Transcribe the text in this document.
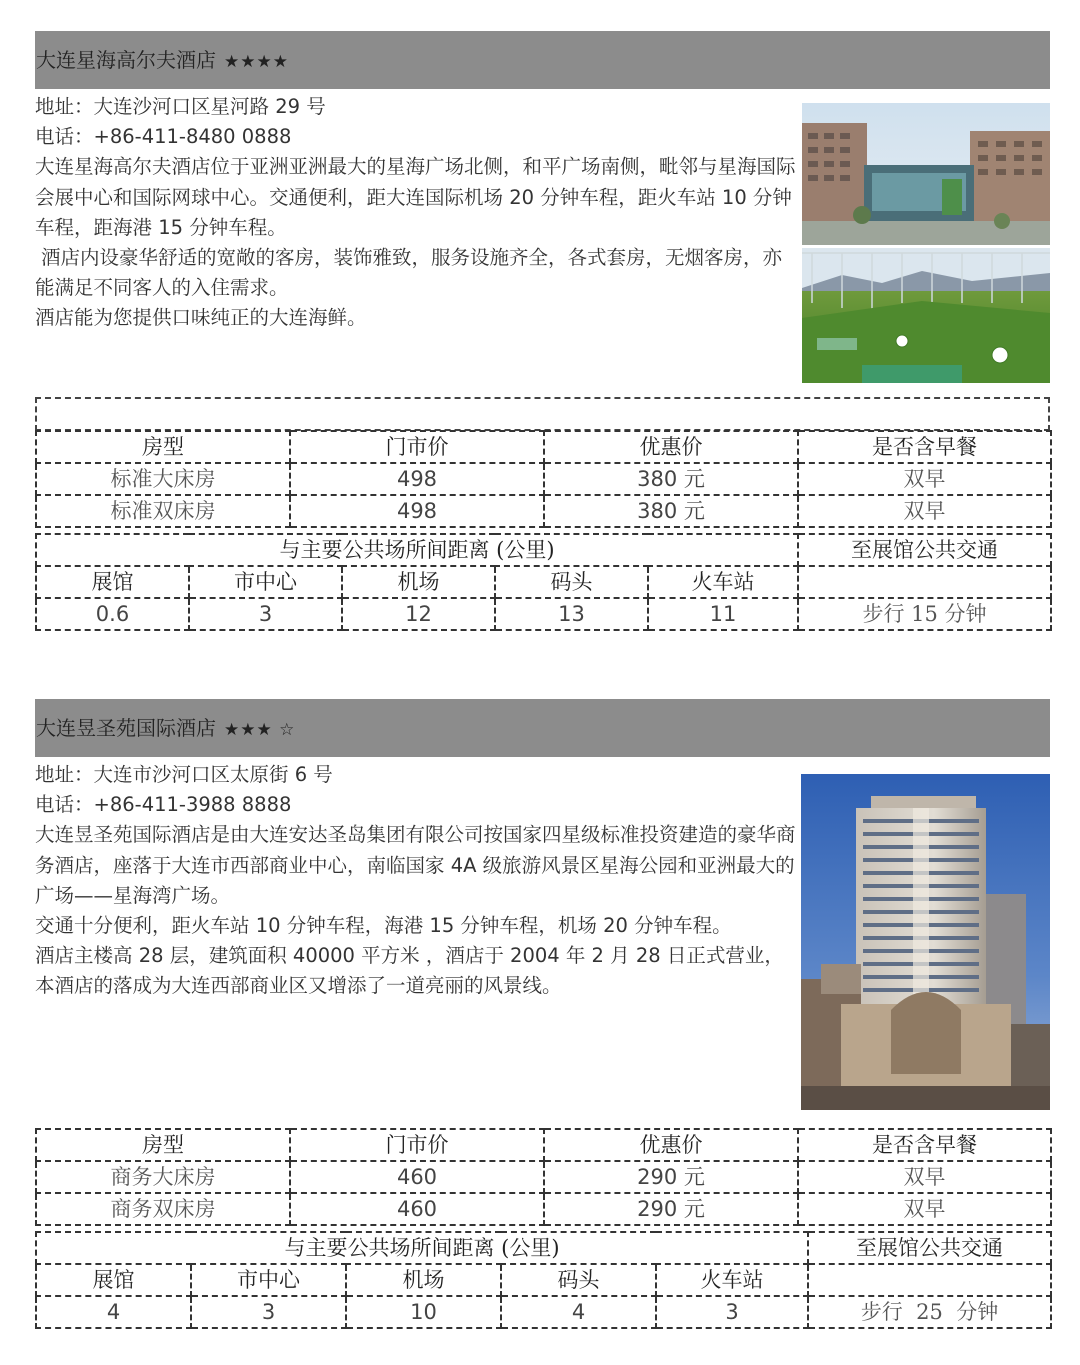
大连星海高尔夫酒店 ★★★★

地址：大连沙河口区星河路 29 号

电话：+86-411-8480 0888

大连星海高尔夫酒店位于亚洲亚洲最大的星海广场北侧，和平广场南侧，毗邻与星海国际会展中心和国际网球中心。交通便利，距大连国际机场 20 分钟车程，距火车站 10 分钟车程，距海港 15 分钟车程。

酒店内设豪华舒适的宽敞的客房，装饰雅致，服务设施齐全，各式套房，无烟客房，亦能满足不同客人的入住需求。

酒店能为您提供口味纯正的大连海鲜。

房型	门市价	优惠价	是否含早餐
标准大床房	498	380 元	双早
标准双床房	498	380 元	双早
与主要公共场所间距离 (公里)					至展馆公共交通
展馆	市中心	机场	码头	火车站	
0.6	3	12	13	11	步行 15 分钟
大连昱圣苑国际酒店 ★★★ ☆

地址：大连市沙河口区太原街 6 号

电话：+86-411-3988 8888

大连昱圣苑国际酒店是由大连安达圣岛集团有限公司按国家四星级标准投资建造的豪华商 务酒店，座落于大连市西部商业中心，南临国家 4A 级旅游风景区星海公园和亚洲最大的广场——星海湾广场。

交通十分便利，距火车站 10 分钟车程，海港 15 分钟车程，机场 20 分钟车程。

酒店主楼高 28 层，建筑面积 40000 平方米 ，酒店于 2004 年 2 月 28 日正式营业，本酒店的落成为大连西部商业区又增添了一道亮丽的风景线。

房型	门市价	优惠价	是否含早餐
商务大床房	460	290 元	双早
商务双床房	460	290 元	双早
与主要公共场所间距离 (公里)					至展馆公共交通
展馆	市中心	机场	码头	火车站	
4	3	10	4	3	步行  25  分钟
